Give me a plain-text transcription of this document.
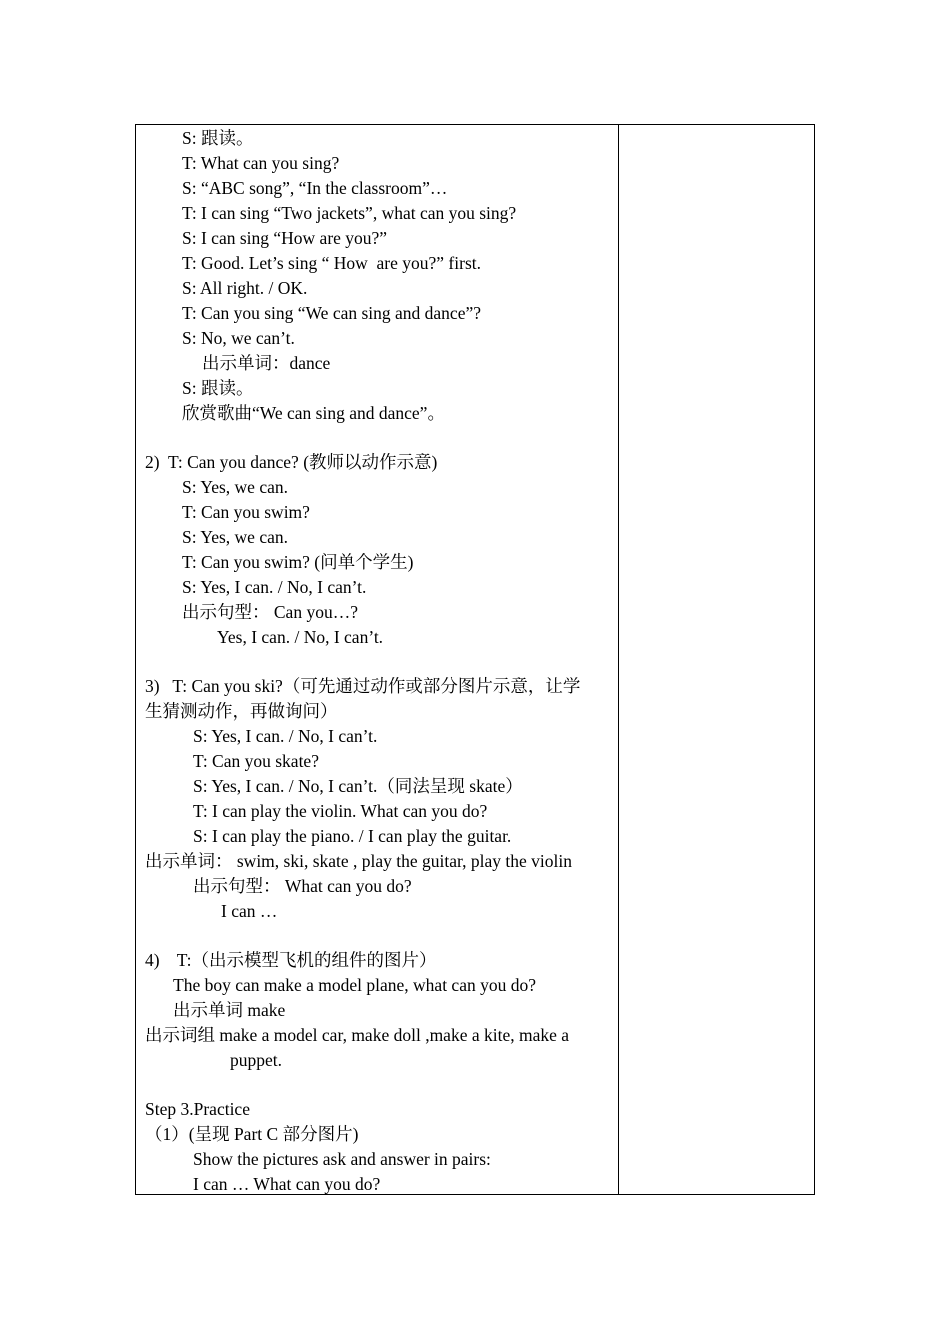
S: 跟读。
T: What can you sing?
S: “ABC song”, “In the classroom”…
T: I can sing “Two jackets”, what can you sing?
S: I can sing “How are you?”
T: Good. Let’s sing “ How  are you?” first.
S: All right. / OK.
T: Can you sing “We can sing and dance”?
S: No, we can’t.
出示单词：dance
S: 跟读。
欣赏歌曲“We can sing and dance”。
2)  T: Can you dance? (教师以动作示意)
S: Yes, we can.
T: Can you swim?
S: Yes, we can.
T: Can you swim? (问单个学生)
S: Yes, I can. / No, I can’t.
出示句型： Can you…?
Yes, I can. / No, I can’t.
3)   T: Can you ski?（可先通过动作或部分图片示意，让学
生猜测动作，再做询问）
S: Yes, I can. / No, I can’t.
T: Can you skate?
S: Yes, I can. / No, I can’t.（同法呈现 skate）
T: I can play the violin. What can you do?
S: I can play the piano. / I can play the guitar.
出示单词： swim, ski, skate , play the guitar, play the violin
出示句型： What can you do?
I can …
4)    T:（出示模型飞机的组件的图片）
The boy can make a model plane, what can you do?
出示单词 make
出示词组 make a model car, make doll ,make a kite, make a
puppet.
Step 3.Practice
（1）(呈现 Part C 部分图片)
Show the pictures ask and answer in pairs:
I can … What can you do?
